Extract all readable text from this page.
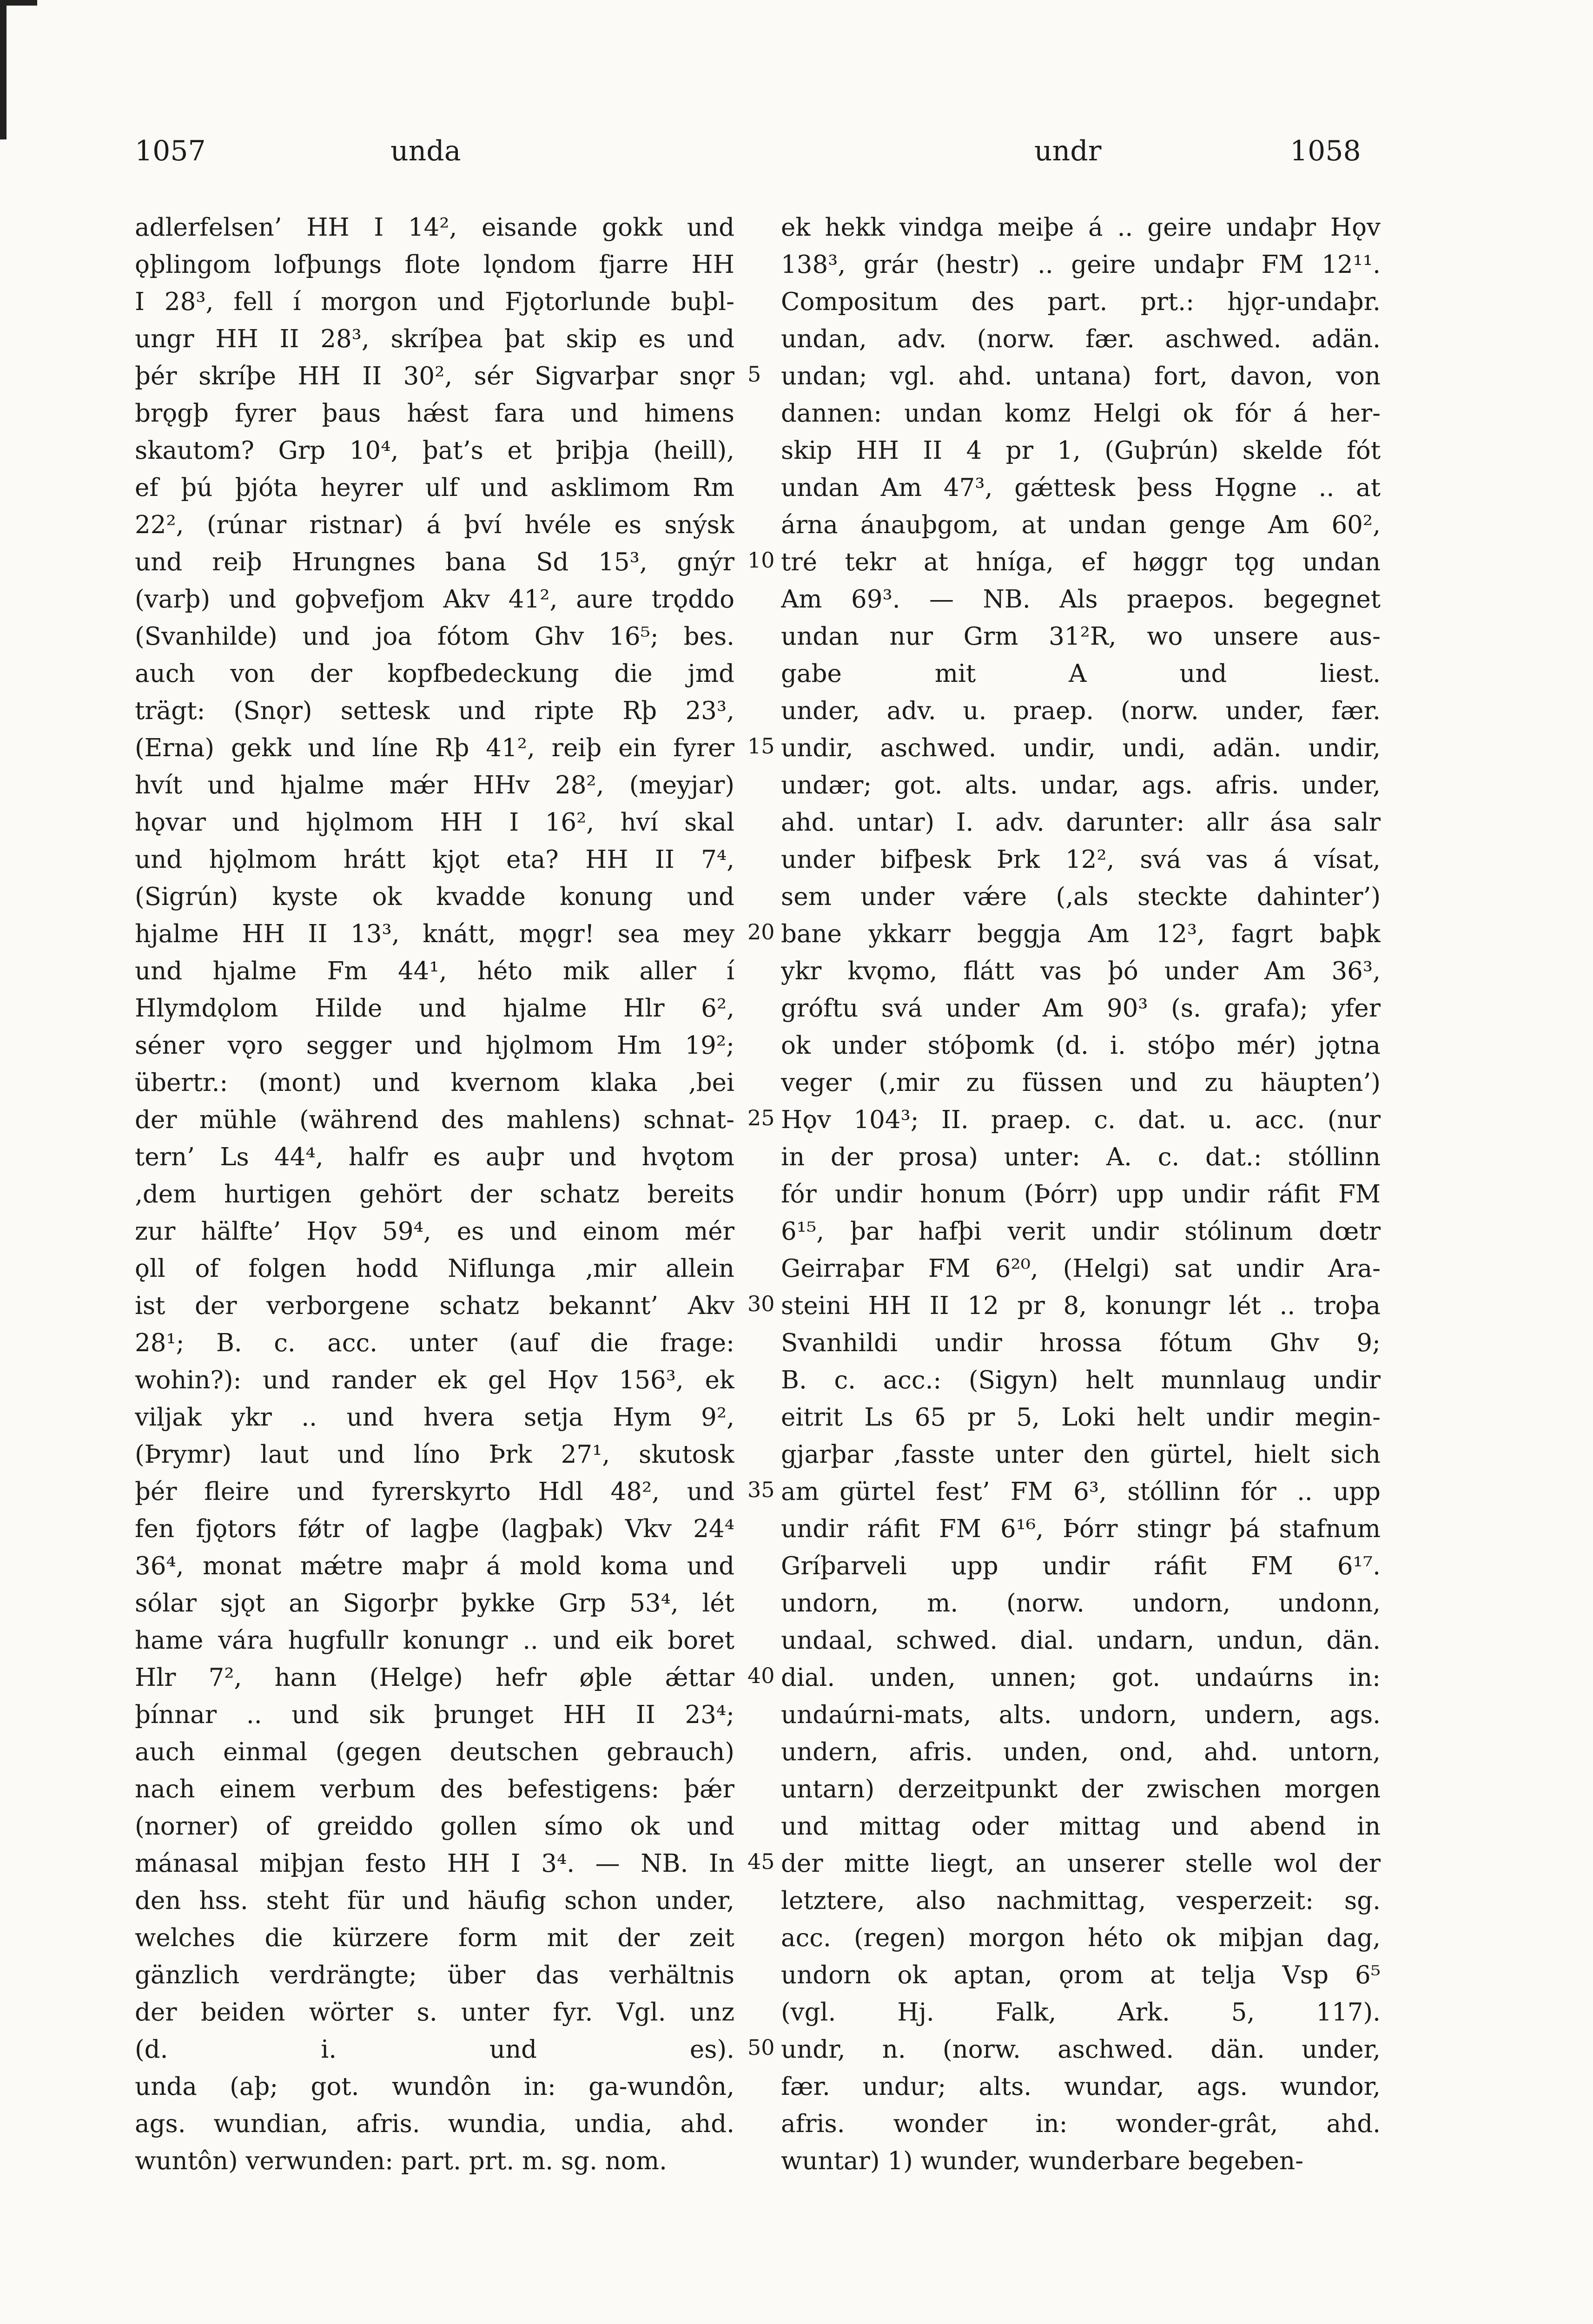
1057	unda	undr	1058
adlerfelsen’ HH I 14², eisande gokk und
ǫþlingom lofþungs flote lǫndom fjarre HH
I 28³, fell í morgon und Fjǫtorlunde buþl-
ungr HH II 28³, skríþea þat skip es und
þér skríþe HH II 30², sér Sigvarþar snǫr
brǫgþ fyrer þaus hǽst fara und himens
skautom? Grp 10⁴, þat’s et þriþja (heill),
ef þú þjóta heyrer ulf und asklimom Rm
22², (rúnar ristnar) á því hvéle es snýsk
und reiþ Hrungnes bana Sd 15³, gnýr
(varþ) und goþvefjom Akv 41², aure trǫddo
(Svanhilde) und joa fótom Ghv 16⁵; bes.
auch von der kopfbedeckung die jmd
trägt: (Snǫr) settesk und ripte Rþ 23³,
(Erna) gekk und líne Rþ 41², reiþ ein fyrer
hvít und hjalme mǽr HHv 28², (meyjar)
hǫvar und hjǫlmom HH I 16², hví skal
und hjǫlmom hrátt kjǫt eta? HH II 7⁴,
(Sigrún) kyste ok kvadde konung und
hjalme HH II 13³, knátt, mǫgr! sea mey
und hjalme Fm 44¹, héto mik aller í
Hlymdǫlom Hilde und hjalme Hlr 6²,
séner vǫro segger und hjǫlmom Hm 19²;
übertr.: (mont) und kvernom klaka ‚bei
der mühle (während des mahlens) schnat-
tern’ Ls 44⁴, halfr es auþr und hvǫtom
‚dem hurtigen gehört der schatz bereits
zur hälfte’ Hǫv 59⁴, es und einom mér
ǫll of folgen hodd Niflunga ‚mir allein
ist der verborgene schatz bekannt’ Akv
28¹; B. c. acc. unter (auf die frage:
wohin?): und rander ek gel Hǫv 156³, ek
viljak ykr .. und hvera setja Hym 9²,
(Þrymr) laut und líno Þrk 27¹, skutosk
þér fleire und fyrerskyrto Hdl 48², und
fen fjǫtors fǿtr of lagþe (lagþak) Vkv 24⁴
36⁴, monat mǽtre maþr á mold koma und
sólar sjǫt an Sigorþr þykke Grp 53⁴, lét
hame vára hugfullr konungr .. und eik boret
Hlr 7², hann (Helge) hefr øþle ǽttar
þínnar .. und sik þrunget HH II 23⁴;
auch einmal (gegen deutschen gebrauch)
nach einem verbum des befestigens: þǽr
(norner) of greiddo gollen símo ok und
mánasal miþjan festo HH I 3⁴. — NB. In
den hss. steht für und häufig schon under,
welches die kürzere form mit der zeit
gänzlich verdrängte; über das verhältnis
der beiden wörter s. unter fyr. Vgl. unz
(d. i. und es).
unda (aþ; got. wundôn in: ga-wundôn,
ags. wundian, afris. wundia, undia, ahd.
wuntôn) verwunden: part. prt. m. sg. nom.
ek hekk vindga meiþe á .. geire undaþr Hǫv
138³, grár (hestr) .. geire undaþr FM 12¹¹.
Compositum des part. prt.: hjǫr-undaþr.
undan, adv. (norw. fær. aschwed. adän.
undan; vgl. ahd. untana) fort, davon, von
dannen: undan komz Helgi ok fór á her-
skip HH II 4 pr 1, (Guþrún) skelde fót
undan Am 47³, gǽttesk þess Hǫgne .. at
árna ánauþgom, at undan genge Am 60²,
tré tekr at hníga, ef høggr tǫg undan
Am 69³. — NB. Als praepos. begegnet
undan nur Grm 31²R, wo unsere aus-
gabe mit A und liest.
under, adv. u. praep. (norw. under, fær.
undir, aschwed. undir, undi, adän. undir,
undær; got. alts. undar, ags. afris. under,
ahd. untar) I. adv. darunter: allr ása salr
under bifþesk Þrk 12², svá vas á vísat,
sem under vǽre (‚als steckte dahinter’)
bane ykkarr beggja Am 12³, fagrt baþk
ykr kvǫmo, flátt vas þó under Am 36³,
gróftu svá under Am 90³ (s. grafa); yfer
ok under stóþomk (d. i. stóþo mér) jǫtna
veger (‚mir zu füssen und zu häupten’)
Hǫv 104³; II. praep. c. dat. u. acc. (nur
in der prosa) unter: A. c. dat.: stóllinn
fór undir honum (Þórr) upp undir ráfit FM
6¹⁵, þar hafþi verit undir stólinum dœtr
Geirraþar FM 6²⁰, (Helgi) sat undir Ara-
steini HH II 12 pr 8, konungr lét .. troþa
Svanhildi undir hrossa fótum Ghv 9;
B. c. acc.: (Sigyn) helt munnlaug undir
eitrit Ls 65 pr 5, Loki helt undir megin-
gjarþar ‚fasste unter den gürtel, hielt sich
am gürtel fest’ FM 6³, stóllinn fór .. upp
undir ráfit FM 6¹⁶, Þórr stingr þá stafnum
Gríþarveli upp undir ráfit FM 6¹⁷.
undorn, m. (norw. undorn, undonn,
undaal, schwed. dial. undarn, undun, dän.
dial. unden, unnen; got. undaúrns in:
undaúrni-mats, alts. undorn, undern, ags.
undern, afris. unden, ond, ahd. untorn,
untarn) derzeitpunkt der zwischen morgen
und mittag oder mittag und abend in
der mitte liegt, an unserer stelle wol der
letztere, also nachmittag, vesperzeit: sg.
acc. (regen) morgon héto ok miþjan dag,
undorn ok aptan, ǫrom at telja Vsp 6⁵
(vgl. Hj. Falk, Ark. 5, 117).
undr, n. (norw. aschwed. dän. under,
fær. undur; alts. wundar, ags. wundor,
afris. wonder in: wonder-grât, ahd.
wuntar) 1) wunder, wunderbare begeben-
5
10
15
20
25
30
35
40
45
50
